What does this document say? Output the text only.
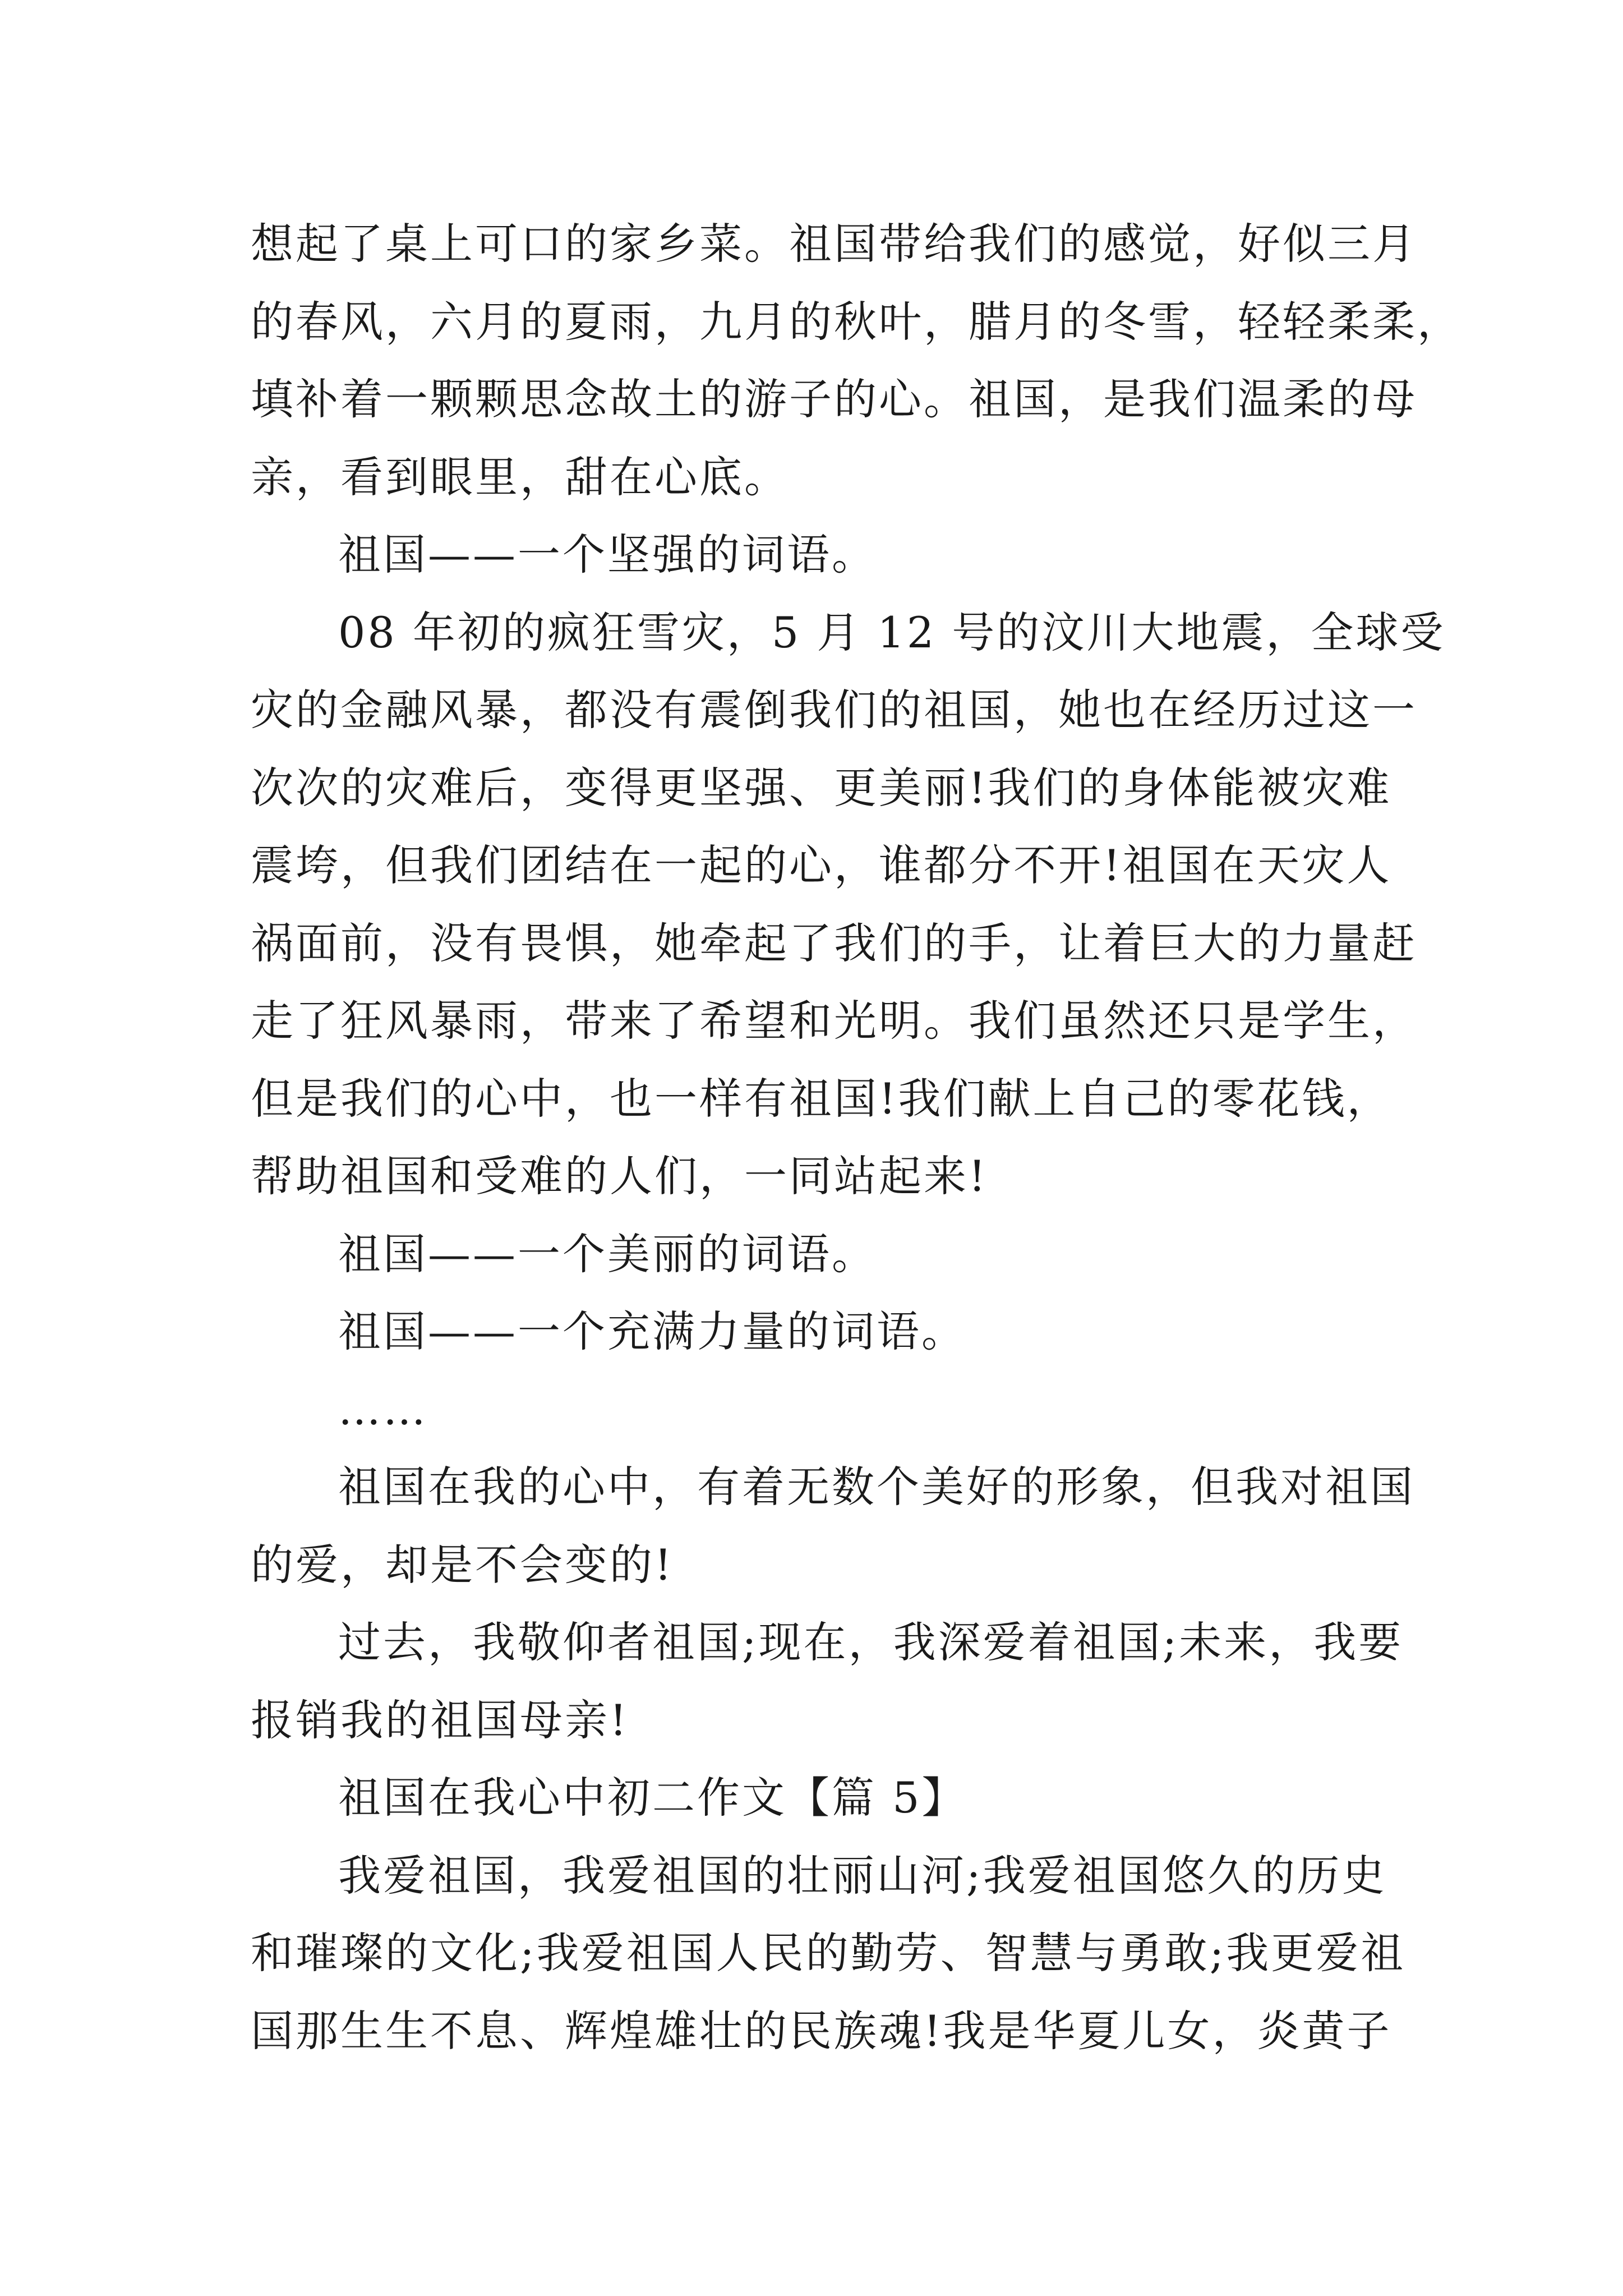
想起了桌上可口的家乡菜。祖国带给我们的感觉，好似三月
的春风，六月的夏雨，九月的秋叶，腊月的冬雪，轻轻柔柔，
填补着一颗颗思念故土的游子的心。祖国，是我们温柔的母
亲，看到眼里，甜在心底。
祖国——一个坚强的词语。
08 年初的疯狂雪灾，5 月 12 号的汶川大地震，全球受
灾的金融风暴，都没有震倒我们的祖国，她也在经历过这一
次次的灾难后，变得更坚强、更美丽!我们的身体能被灾难
震垮，但我们团结在一起的心，谁都分不开!祖国在天灾人
祸面前，没有畏惧，她牵起了我们的手，让着巨大的力量赶
走了狂风暴雨，带来了希望和光明。我们虽然还只是学生，
但是我们的心中，也一样有祖国!我们献上自己的零花钱，
帮助祖国和受难的人们，一同站起来!
祖国——一个美丽的词语。
祖国——一个充满力量的词语。
……
祖国在我的心中，有着无数个美好的形象，但我对祖国
的爱，却是不会变的!
过去，我敬仰者祖国;现在，我深爱着祖国;未来，我要
报销我的祖国母亲!
祖国在我心中初二作文【篇 5】
我爱祖国，我爱祖国的壮丽山河;我爱祖国悠久的历史
和璀璨的文化;我爱祖国人民的勤劳、智慧与勇敢;我更爱祖
国那生生不息、辉煌雄壮的民族魂!我是华夏儿女，炎黄子
